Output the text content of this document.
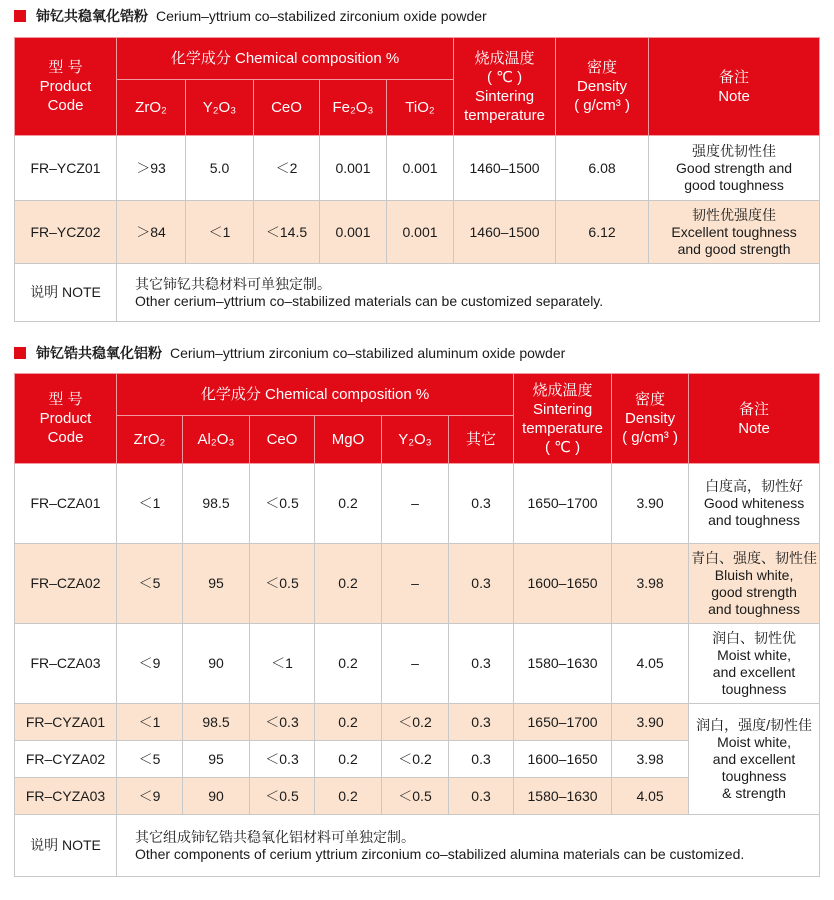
铈钇共稳氧化锆粉 Cerium–yttrium co–stabilized zirconium oxide powder
型 号
Product
Code	化学成分 Chemical composition %					烧成温度
( ℃ )
Sintering
temperature	密度
Density
( g/cm³ )	备注
Note

	ZrO₂	Y₂O₃	CeO	Fe₂O₃	TiO₂			
FR–YCZ01	＞93	5.0	＜2	0.001	0.001	1460–1500	6.08	强度优韧性佳
Good strength and
good toughness

FR–YCZ02	＞84	＜1	＜14.5	0.001	0.001	1460–1500	6.12	韧性优强度佳
Excellent toughness
and good strength

说明 NOTE	其它铈钇共稳材料可单独定制。
Other cerium–yttrium co–stabilized materials can be customized separately.							
铈钇锆共稳氧化铝粉 Cerium–yttrium zirconium co–stabilized aluminum oxide powder
型 号
Product
Code	化学成分 Chemical composition %						烧成温度
Sintering
temperature
( ℃ )	密度
Density
( g/cm³ )	备注
Note

	ZrO₂	Al₂O₃	CeO	MgO	Y₂O₃	其它			
FR–CZA01	＜1	98.5	＜0.5	0.2	–	0.3	1650–1700	3.90	白度高，韧性好
Good whiteness
and toughness

FR–CZA02	＜5	95	＜0.5	0.2	–	0.3	1600–1650	3.98	青白、强度、韧性佳
Bluish white,
good strength
and toughness

FR–CZA03	＜9	90	＜1	0.2	–	0.3	1580–1630	4.05	润白、韧性优
Moist white,
and excellent
toughness

FR–CYZA01	＜1	98.5	＜0.3	0.2	＜0.2	0.3	1650–1700	3.90	润白，强度/韧性佳
Moist white,
and excellent
toughness
& strength

FR–CYZA02	＜5	95	＜0.3	0.2	＜0.2	0.3	1600–1650	3.98	
FR–CYZA03	＜9	90	＜0.5	0.2	＜0.5	0.3	1580–1630	4.05	
说明 NOTE	其它组成铈钇锆共稳氧化铝材料可单独定制。
Other components of cerium yttrium zirconium co–stabilized alumina materials can be customized.								
